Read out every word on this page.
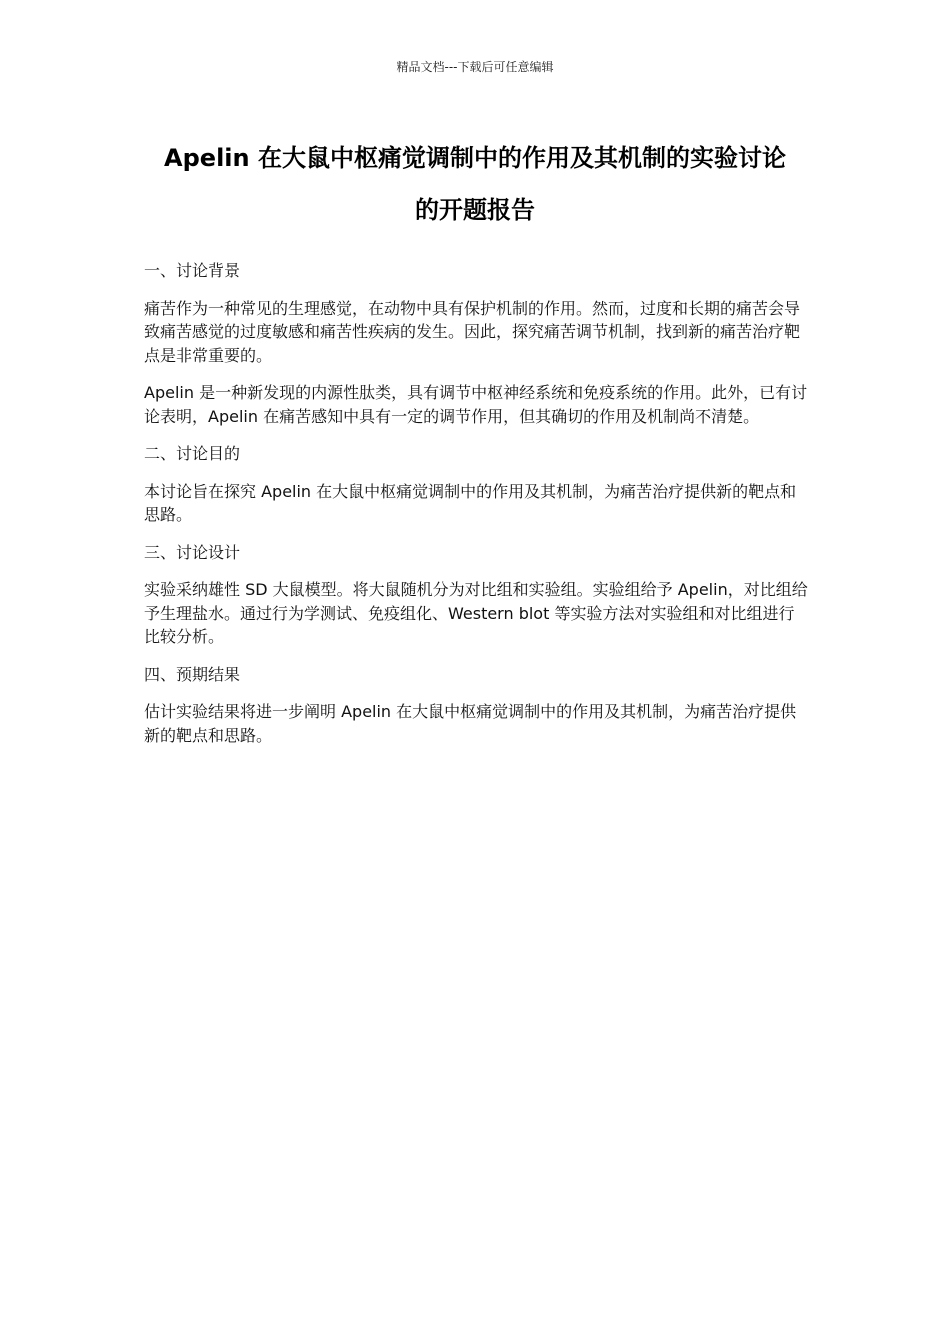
精品文档---下载后可任意编辑
Apelin 在大鼠中枢痛觉调制中的作用及其机制的实验讨论
的开题报告
一、讨论背景
痛苦作为一种常见的生理感觉，在动物中具有保护机制的作用。然而，过度和长期的痛苦会导致痛苦感觉的过度敏感和痛苦性疾病的发生。因此，探究痛苦调节机制，找到新的痛苦治疗靶点是非常重要的。
Apelin 是一种新发现的内源性肽类，具有调节中枢神经系统和免疫系统的作用。此外，已有讨论表明，Apelin 在痛苦感知中具有一定的调节作用，但其确切的作用及机制尚不清楚。
二、讨论目的
本讨论旨在探究 Apelin 在大鼠中枢痛觉调制中的作用及其机制，为痛苦治疗提供新的靶点和思路。
三、讨论设计
实验采纳雄性 SD 大鼠模型。将大鼠随机分为对比组和实验组。实验组给予 Apelin，对比组给予生理盐水。通过行为学测试、免疫组化、Western blot 等实验方法对实验组和对比组进行比较分析。
四、预期结果
估计实验结果将进一步阐明 Apelin 在大鼠中枢痛觉调制中的作用及其机制，为痛苦治疗提供新的靶点和思路。
